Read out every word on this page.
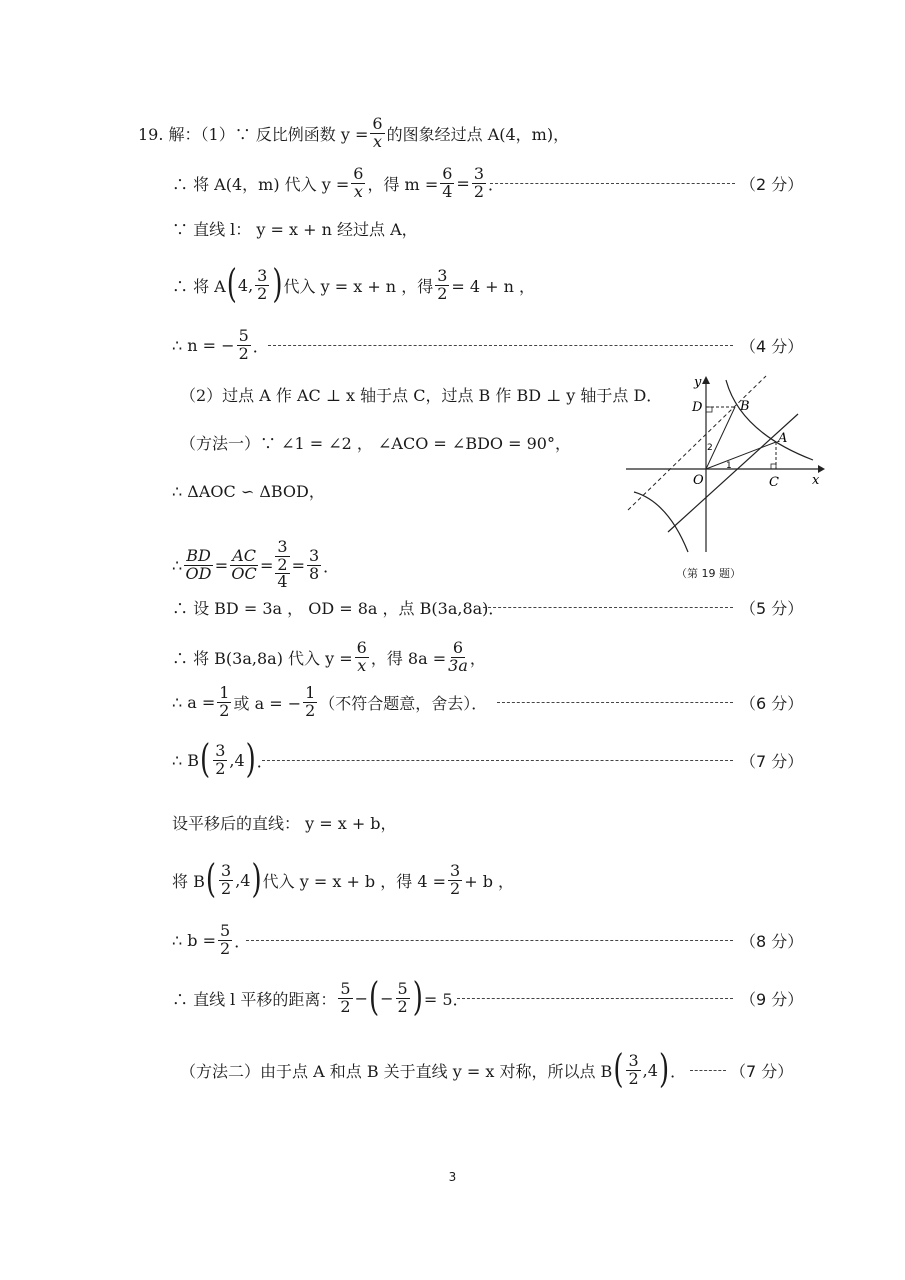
19. 解：（1）∵ 反比例函数 $y = \frac{6}{x}$ 的图象经过点 A(4，m)，
∴ 将 A(4，m) 代入 $y = \frac{6}{x}$ ，得 $m = \frac{6}{4} = \frac{3}{2}$ ．	（2 分）
∵ 直线 l： y = x + n 经过点 A，
∴ 将 A ( 4, $\frac{3}{2}$ ) 代入 y = x + n ，得 $\frac{3}{2} = 4 + n$ ，
∴ n = − $\frac{5}{2}$ ．	（4 分）
（2）过点 A 作 AC ⊥ x 轴于点 C，过点 B 作 BD ⊥ y 轴于点 D．
（方法一）∵ ∠1 = ∠2 ， ∠ACO = ∠BDO = 90°，
∴ ΔAOC ∽ ΔBOD，
∴ $\frac{BD}{OD} = \frac{AC}{OC} = \frac{\frac{3}{2}}{4} = \frac{3}{8}$ ．
∴ 设 BD = 3a ， OD = 8a ，点 B(3a,8a)．	（5 分）
∴ 将 B(3a,8a) 代入 $y = \frac{6}{x}$ ，得 $8a = \frac{6}{3a}$ ，
∴ $a = \frac{1}{2}$ 或 a = − $\frac{1}{2}$ （不符合题意，舍去）．	（6 分）
∴ B ( $\frac{3}{2} ,4$ ) ．	（7 分）
设平移后的直线： y = x + b，
将 B ( $\frac{3}{2} ,4$ ) 代入 y = x + b ，得 $4 = \frac{3}{2} + b$ ，
∴ $b = \frac{5}{2}$ ．	（8 分）
∴ 直线 l 平移的距离： $\frac{5}{2}$ − ( − $\frac{5}{2}$ ) = 5．	（9 分）
（方法二）由于点 A 和点 B 关于直线 y = x 对称，所以点 B ( $\frac{3}{2} ,4$ ) ．	（7 分）
y
x
O
A
B
C
D
1
2
（第 19 题）
3
